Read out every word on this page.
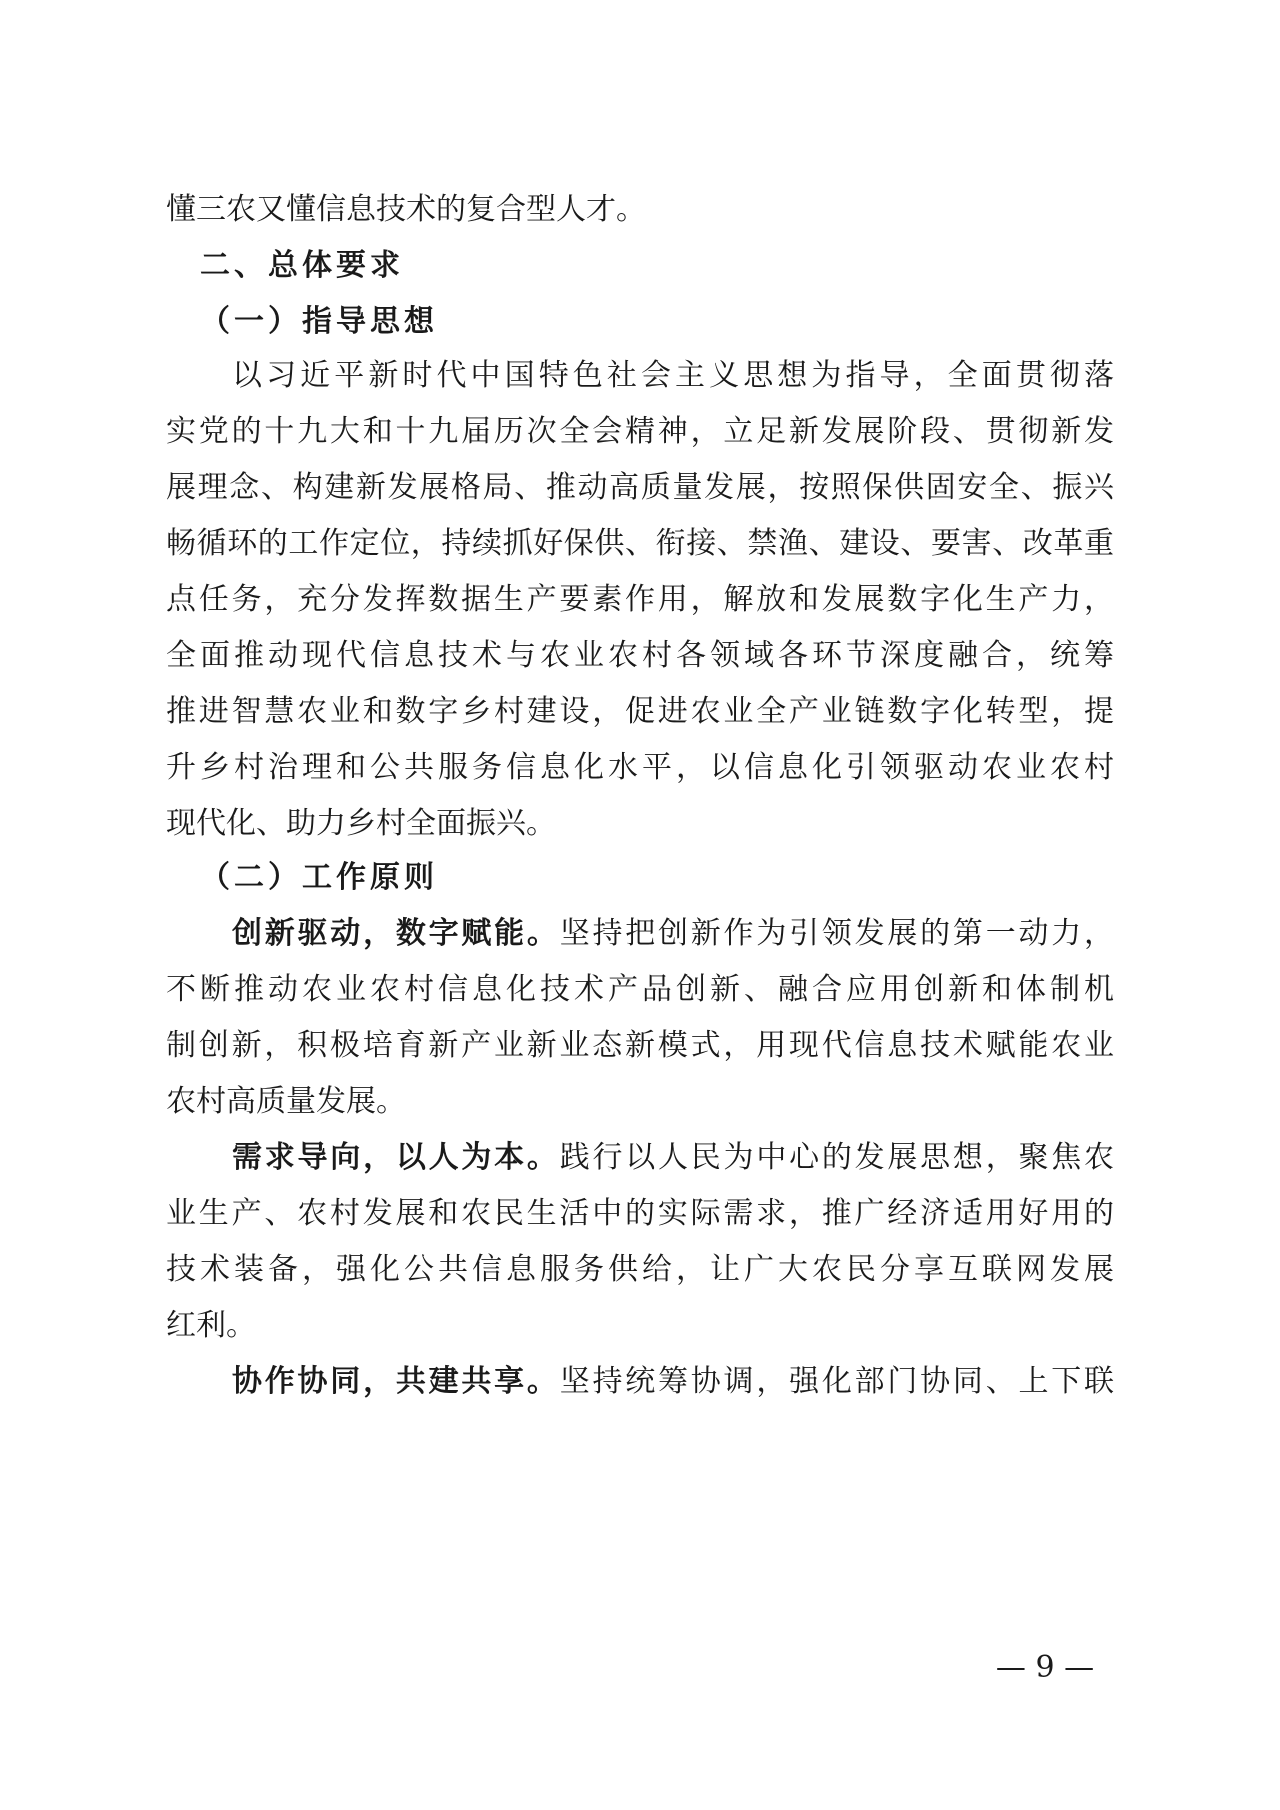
懂三农又懂信息技术的复合型人才。
二、总体要求
（一）指导思想
以习近平新时代中国特色社会主义思想为指导，全面贯彻落
实党的十九大和十九届历次全会精神，立足新发展阶段、贯彻新发
展理念、构建新发展格局、推动高质量发展，按照保供固安全、振兴
畅循环的工作定位，持续抓好保供、衔接、禁渔、建设、要害、改革重
点任务，充分发挥数据生产要素作用，解放和发展数字化生产力，
全面推动现代信息技术与农业农村各领域各环节深度融合，统筹
推进智慧农业和数字乡村建设，促进农业全产业链数字化转型，提
升乡村治理和公共服务信息化水平，以信息化引领驱动农业农村
现代化、助力乡村全面振兴。
（二）工作原则
创新驱动，数字赋能。坚持把创新作为引领发展的第一动力，
不断推动农业农村信息化技术产品创新、融合应用创新和体制机
制创新，积极培育新产业新业态新模式，用现代信息技术赋能农业
农村高质量发展。
需求导向，以人为本。践行以人民为中心的发展思想，聚焦农
业生产、农村发展和农民生活中的实际需求，推广经济适用好用的
技术装备，强化公共信息服务供给，让广大农民分享互联网发展
红利。
协作协同，共建共享。坚持统筹协调，强化部门协同、上下联
— 9 —
